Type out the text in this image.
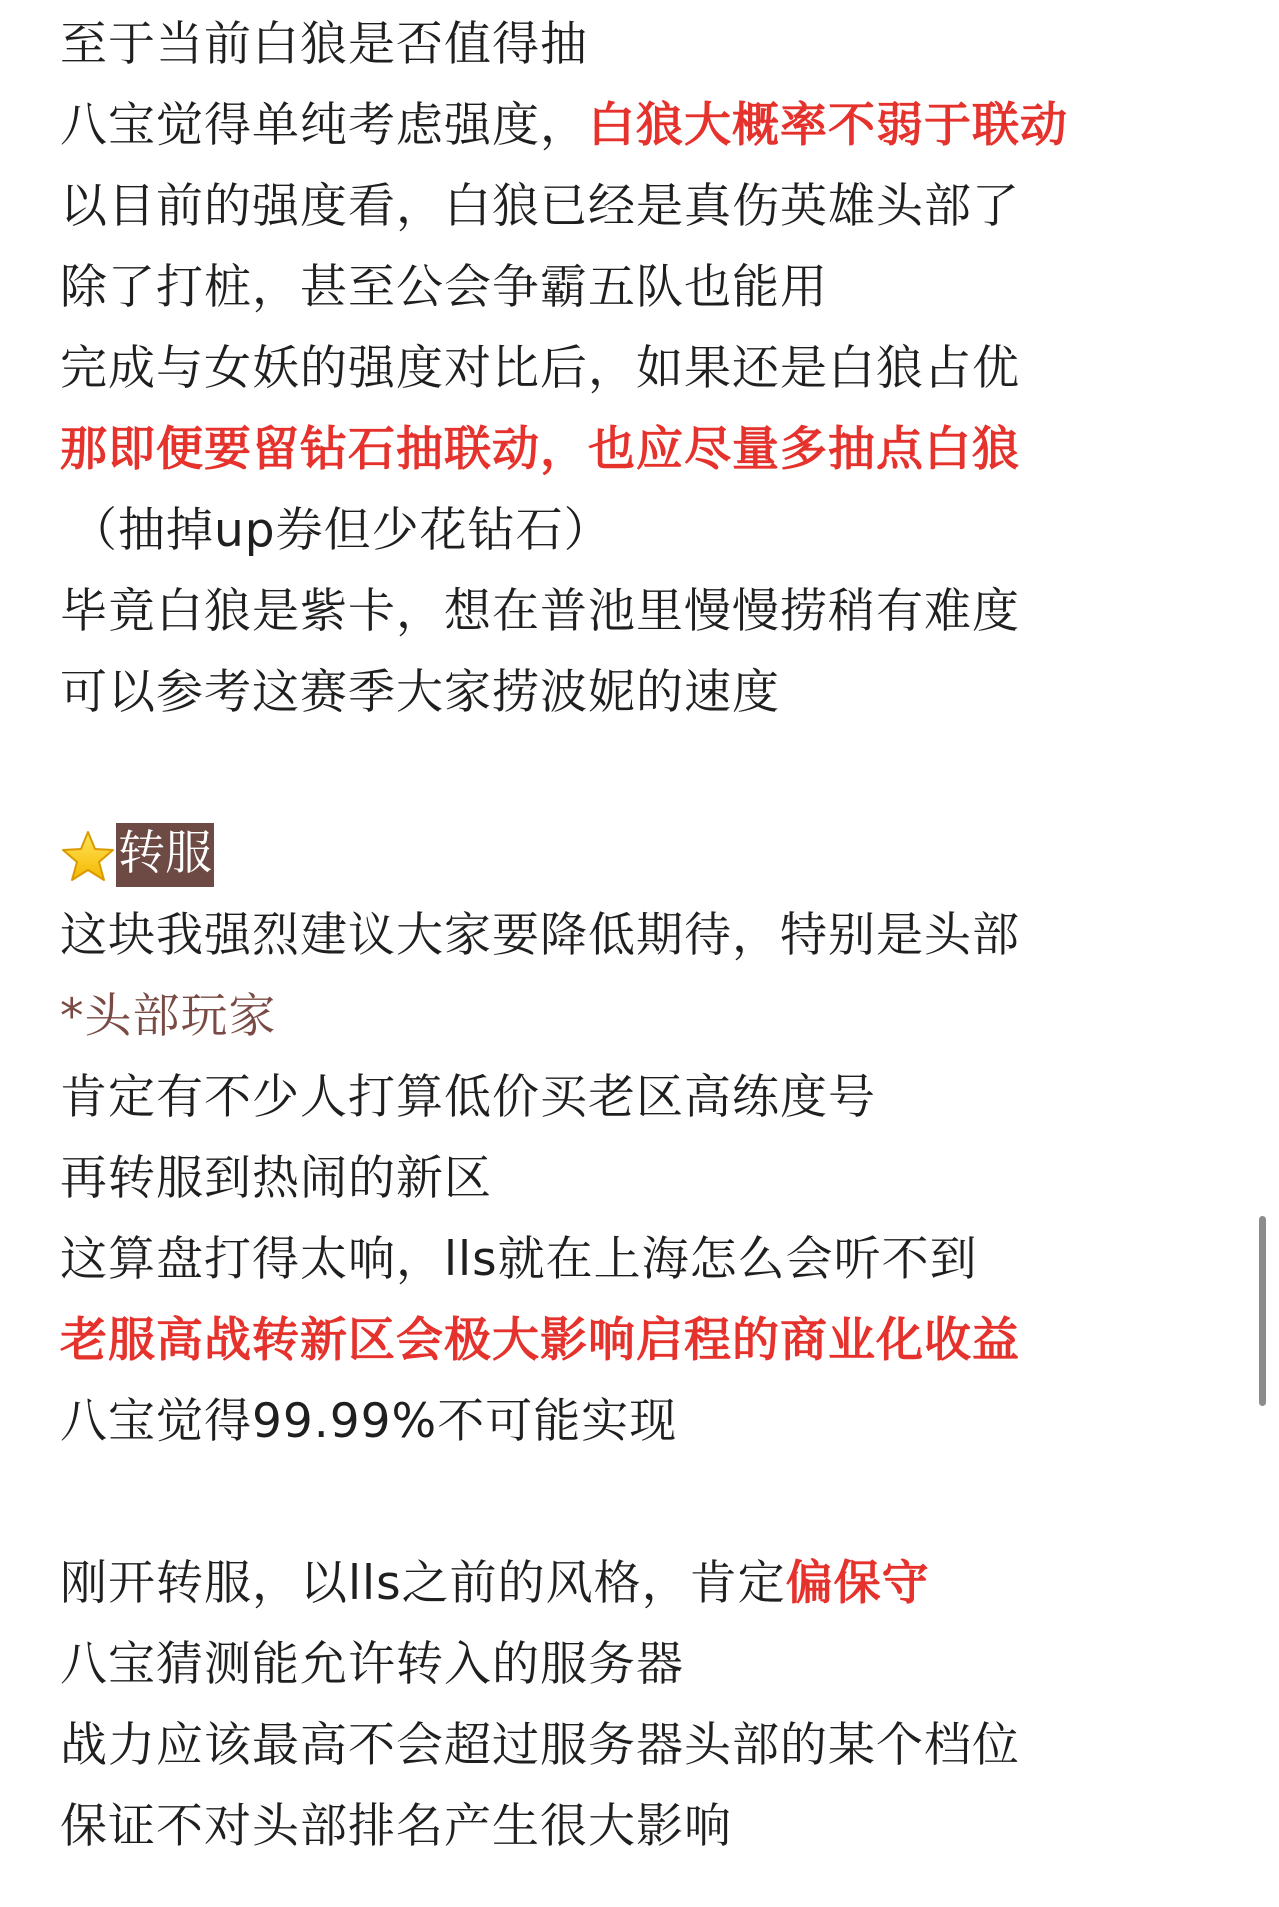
至于当前白狼是否值得抽
八宝觉得单纯考虑强度，白狼大概率不弱于联动
以目前的强度看，白狼已经是真伤英雄头部了
除了打桩，甚至公会争霸五队也能用
完成与女妖的强度对比后，如果还是白狼占优
那即便要留钻石抽联动，也应尽量多抽点白狼
（抽掉up券但少花钻石）
毕竟白狼是紫卡，想在普池里慢慢捞稍有难度
可以参考这赛季大家捞波妮的速度
转服
这块我强烈建议大家要降低期待，特别是头部
*头部玩家
肯定有不少人打算低价买老区高练度号
再转服到热闹的新区
这算盘打得太响，lls就在上海怎么会听不到
老服高战转新区会极大影响启程的商业化收益
八宝觉得99.99%不可能实现
刚开转服，以lls之前的风格，肯定偏保守
八宝猜测能允许转入的服务器
战力应该最高不会超过服务器头部的某个档位
保证不对头部排名产生很大影响
